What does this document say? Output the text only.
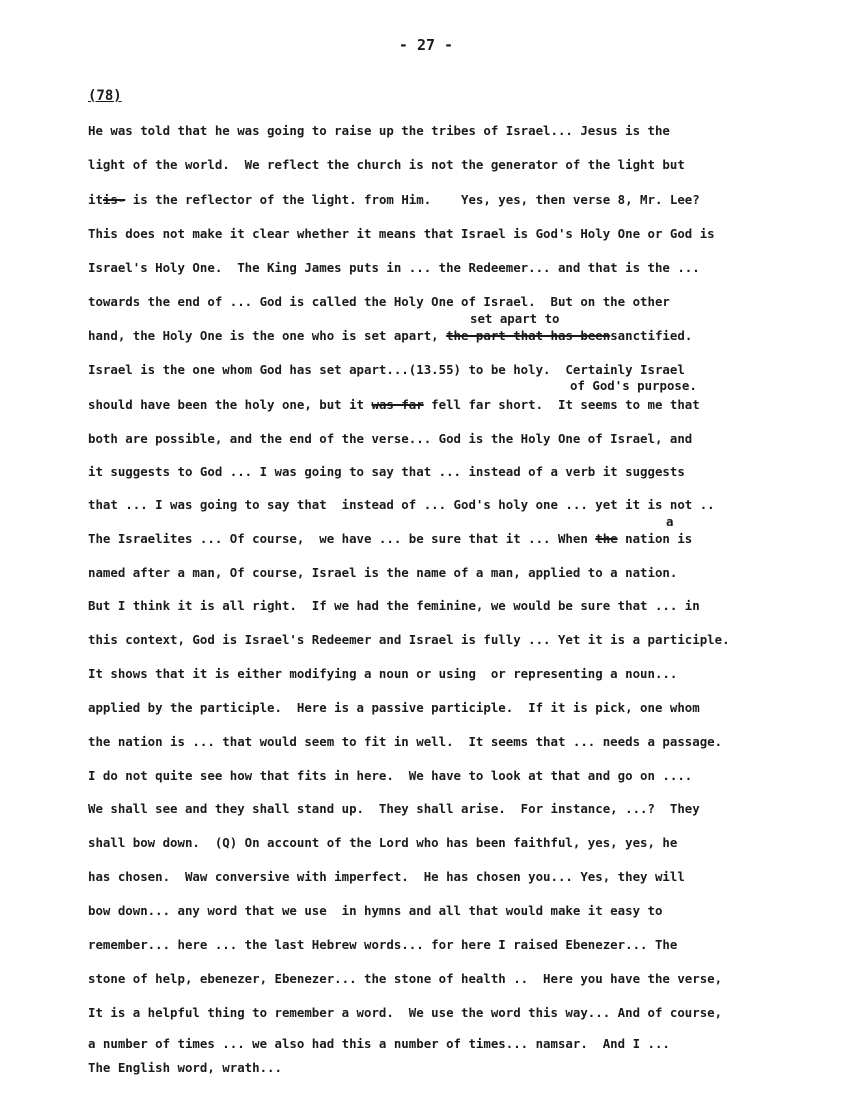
- 27 -
(78)
He was told that he was going to raise up the tribes of Israel... Jesus is the
light of the world.  We reflect the church is not the generator of the light but
itis- is the reflector of the light. from Him.    Yes, yes, then verse 8, Mr. Lee?
This does not make it clear whether it means that Israel is God's Holy One or God is
Israel's Holy One.  The King James puts in ... the Redeemer... and that is the ...
towards the end of ... God is called the Holy One of Israel.  But on the other
set apart to
hand, the Holy One is the one who is set apart, the part that has beensanctified.
Israel is the one whom God has set apart...(13.55) to be holy.  Certainly Israel
of God's purpose.
should have been the holy one, but it was far fell far short.  It seems to me that
both are possible, and the end of the verse... God is the Holy One of Israel, and
it suggests to God ... I was going to say that ... instead of a verb it suggests
that ... I was going to say that  instead of ... God's holy one ... yet it is not ..
a
The Israelites ... Of course,  we have ... be sure that it ... When the nation is
named after a man, Of course, Israel is the name of a man, applied to a nation.
But I think it is all right.  If we had the feminine, we would be sure that ... in
this context, God is Israel's Redeemer and Israel is fully ... Yet it is a participle.
It shows that it is either modifying a noun or using  or representing a noun...
applied by the participle.  Here is a passive participle.  If it is pick, one whom
the nation is ... that would seem to fit in well.  It seems that ... needs a passage.
I do not quite see how that fits in here.  We have to look at that and go on ....
We shall see and they shall stand up.  They shall arise.  For instance, ...?  They
shall bow down.  (Q) On account of the Lord who has been faithful, yes, yes, he
has chosen.  Waw conversive with imperfect.  He has chosen you... Yes, they will
bow down... any word that we use  in hymns and all that would make it easy to
remember... here ... the last Hebrew words... for here I raised Ebenezer... The
stone of help, ebenezer, Ebenezer... the stone of health ..  Here you have the verse,
It is a helpful thing to remember a word.  We use the word this way... And of course,
a number of times ... we also had this a number of times... namsar.  And I ...
The English word, wrath...
